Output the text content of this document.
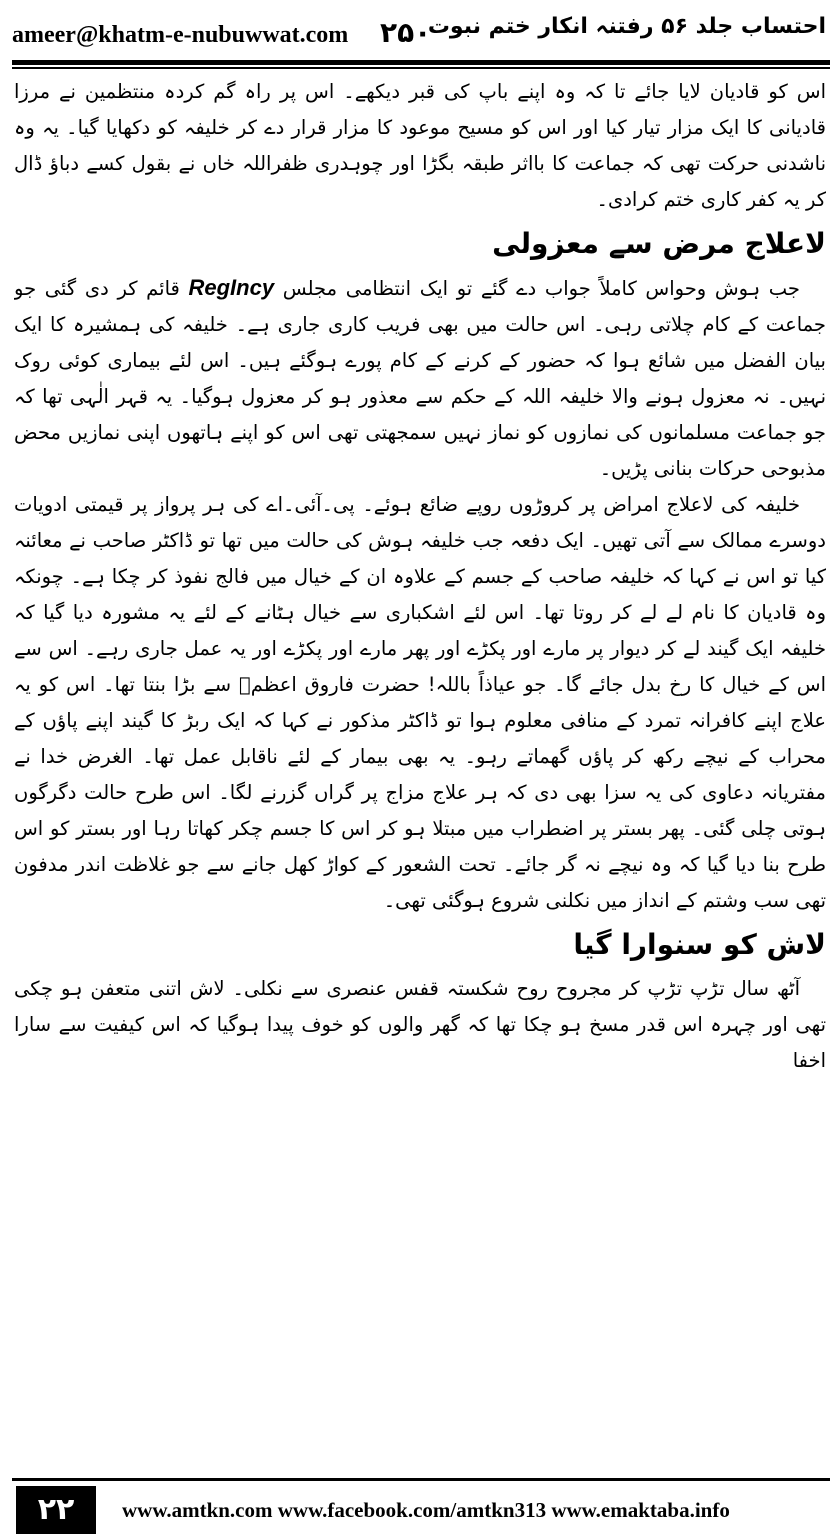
ameer@khatm-e-nubuwwat.com ۲۵۰
احتساب جلد ۵۶ رفتنہ انکار ختم نبوت

اس کو قادیان لایا جائے تا کہ وہ اپنے باپ کی قبر دیکھے۔ اس پر راہ گم کردہ منتظمین نے مرزا قادیانی کا ایک مزار تیار کیا اور اس کو مسیح موعود کا مزار قرار دے کر خلیفہ کو دکھایا گیا۔ یہ وہ ناشدنی حرکت تھی کہ جماعت کا بااثر طبقہ بگڑا اور چوہدری ظفراللہ خاں نے بقول کسے دباؤ ڈال کر یہ کفر کاری ختم کرادی۔

لاعلاج مرض سے معزولی

جب ہوش وحواس کاملاً جواب دے گئے تو ایک انتظامی مجلس RegIncy قائم کر دی گئی جو جماعت کے کام چلاتی رہی۔ اس حالت میں بھی فریب کاری جاری ہے۔ خلیفہ کی ہمشیرہ کا ایک بیان الفضل میں شائع ہوا کہ حضور کے کرنے کے کام پورے ہوگئے ہیں۔ اس لئے بیماری کوئی روک نہیں۔ نہ معزول ہونے والا خلیفہ اللہ کے حکم سے معذور ہو کر معزول ہوگیا۔ یہ قہر الٰہی تھا کہ جو جماعت مسلمانوں کی نمازوں کو نماز نہیں سمجھتی تھی اس کو اپنے ہاتھوں اپنی نمازیں محض مذبوحی حرکات بنانی پڑیں۔

خلیفہ کی لاعلاج امراض پر کروڑوں روپے ضائع ہوئے۔ پی۔آئی۔اے کی ہر پرواز پر قیمتی ادویات دوسرے ممالک سے آتی تھیں۔ ایک دفعہ جب خلیفہ ہوش کی حالت میں تھا تو ڈاکٹر صاحب نے معائنہ کیا تو اس نے کہا کہ خلیفہ صاحب کے جسم کے علاوہ ان کے خیال میں فالج نفوذ کر چکا ہے۔ چونکہ وہ قادیان کا نام لے لے کر روتا تھا۔ اس لئے اشکباری سے خیال ہٹانے کے لئے یہ مشورہ دیا گیا کہ خلیفہ ایک گیند لے کر دیوار پر مارے اور پکڑے اور پھر مارے اور پکڑے اور یہ عمل جاری رہے۔ اس سے اس کے خیال کا رخ بدل جائے گا۔ جو عیاذاً باللہ! حضرت فاروق اعظمؓ سے بڑا بنتا تھا۔ اس کو یہ علاج اپنے کافرانہ تمرد کے منافی معلوم ہوا تو ڈاکٹر مذکور نے کہا کہ ایک ربڑ کا گیند اپنے پاؤں کے محراب کے نیچے رکھ کر پاؤں گھماتے رہو۔ یہ بھی بیمار کے لئے ناقابل عمل تھا۔ الغرض خدا نے مفتریانہ دعاوی کی یہ سزا بھی دی کہ ہر علاج مزاج پر گراں گزرنے لگا۔ اس طرح حالت دگرگوں ہوتی چلی گئی۔ پھر بستر پر اضطراب میں مبتلا ہو کر اس کا جسم چکر کھاتا رہا اور بستر کو اس طرح بنا دیا گیا کہ وہ نیچے نہ گر جائے۔ تحت الشعور کے کواڑ کھل جانے سے جو غلاظت اندر مدفون تھی سب وشتم کے انداز میں نکلنی شروع ہوگئی تھی۔

لاش کو سنوارا گیا

آٹھ سال تڑپ تڑپ کر مجروح روح شکستہ قفس عنصری سے نکلی۔ لاش اتنی متعفن ہو چکی تھی اور چہرہ اس قدر مسخ ہو چکا تھا کہ گھر والوں کو خوف پیدا ہوگیا کہ اس کیفیت سے سارا اخفا

۲۲	www.amtkn.com www.facebook.com/amtkn313 www.emaktaba.info
